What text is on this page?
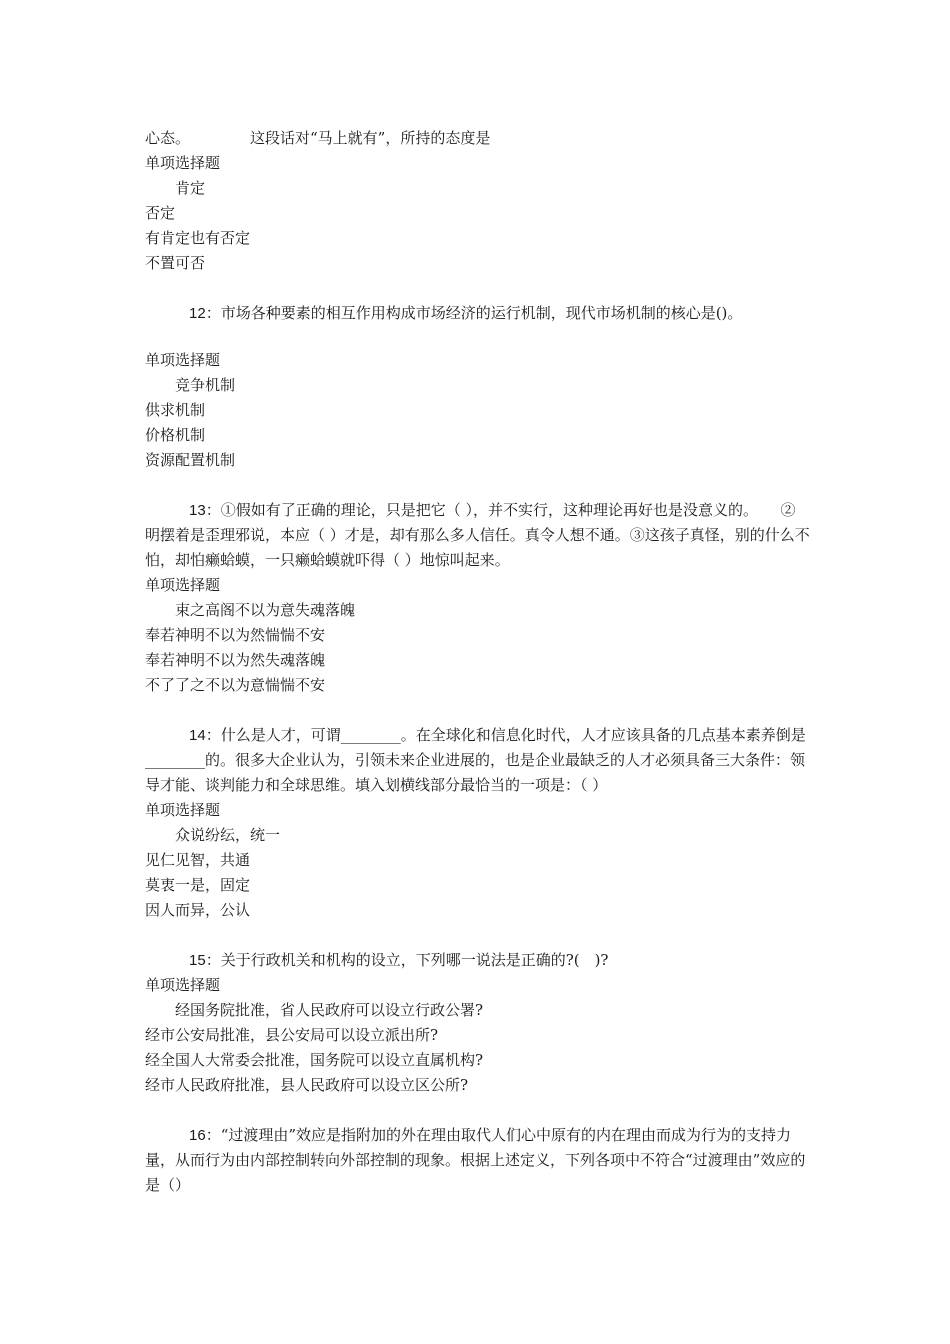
心态。	这段话对“马上就有”，所持的态度是
单项选择题
肯定
否定
有肯定也有否定
不置可否
12：市场各种要素的相互作用构成市场经济的运行机制，现代市场机制的核心是()。
单项选择题
竞争机制
供求机制
价格机制
资源配置机制
13：①假如有了正确的理论，只是把它（ ），并不实行，这种理论再好也是没意义的。　　②明摆着是歪理邪说，本应（ ）才是，却有那么多人信任。真令人想不通。③这孩子真怪，别的什么不怕，却怕癞蛤蟆，一只癞蛤蟆就吓得（ ）地惊叫起来。
单项选择题
束之高阁不以为意失魂落魄
奉若神明不以为然惴惴不安
奉若神明不以为然失魂落魄
不了了之不以为意惴惴不安
14：什么是人才，可谓________。在全球化和信息化时代，人才应该具备的几点基本素养倒是________的。很多大企业认为，引领未来企业进展的，也是企业最缺乏的人才必须具备三大条件：领导才能、谈判能力和全球思维。填入划横线部分最恰当的一项是：（ ）
单项选择题
众说纷纭，统一
见仁见智，共通
莫衷一是，固定
因人而异，公认
15：关于行政机关和机构的设立，下列哪一说法是正确的?(　)?
单项选择题
经国务院批准，省人民政府可以设立行政公署?
经市公安局批准，县公安局可以设立派出所?
经全国人大常委会批准，国务院可以设立直属机构?
经市人民政府批准，县人民政府可以设立区公所?
16：“过渡理由”效应是指附加的外在理由取代人们心中原有的内在理由而成为行为的支持力量，从而行为由内部控制转向外部控制的现象。根据上述定义，下列各项中不符合“过渡理由”效应的是（）
